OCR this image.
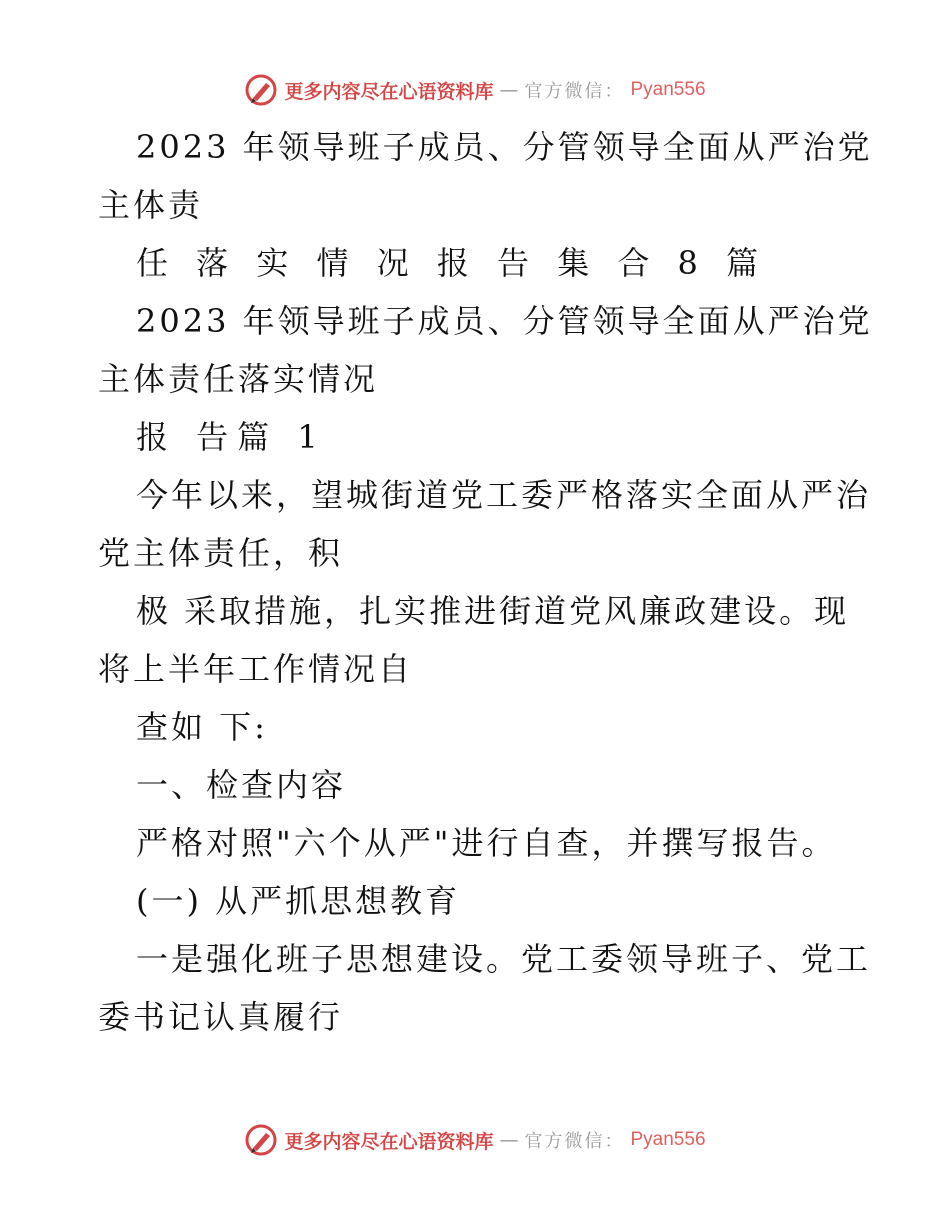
更多内容尽在心语资料库 — 官方微信： Pyan556
2023 年领导班子成员、分管领导全面从严治党
主体责
任 落 实 情 况 报 告 集 合 8 篇
2023 年领导班子成员、分管领导全面从严治党
主体责任落实情况
报 告篇 1
今年以来，望城街道党工委严格落实全面从严治
党主体责任，积
极 采取措施，扎实推进街道党风廉政建设。现
将上半年工作情况自
查如 下:
一、检查内容
严格对照"六个从严"进行自查，并撰写报告。
(一) 从严抓思想教育
一是强化班子思想建设。党工委领导班子、党工
委书记认真履行
更多内容尽在心语资料库 — 官方微信： Pyan556
